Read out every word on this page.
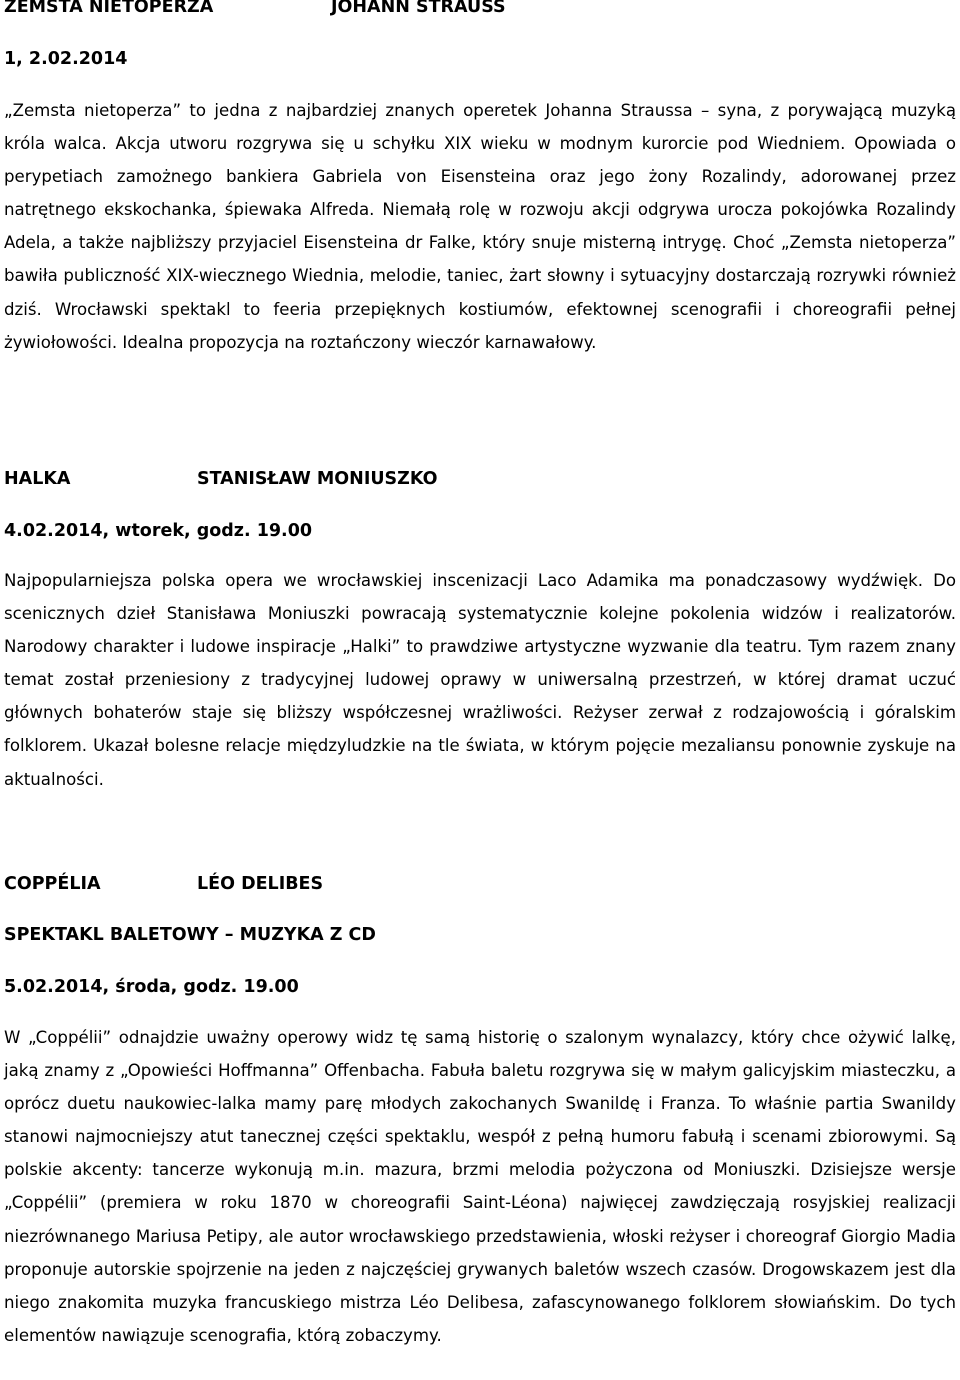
ZEMSTA NIETOPERZA	JOHANN STRAUSS
1, 2.02.2014

„Zemsta nietoperza” to jedna z najbardziej znanych operetek Johanna Straussa – syna, z porywającą muzyką króla walca. Akcja utworu rozgrywa się u schyłku XIX wieku w modnym kurorcie pod Wiedniem. Opowiada o perypetiach zamożnego bankiera Gabriela von Eisensteina oraz jego żony Rozalindy, adorowanej przez natrętnego ekskochanka, śpiewaka Alfreda. Niemałą rolę w rozwoju akcji odgrywa urocza pokojówka Rozalindy Adela, a także najbliższy przyjaciel Eisensteina dr Falke, który snuje misterną intrygę. Choć „Zemsta nietoperza” bawiła publiczność XIX-wiecznego Wiednia, melodie, taniec, żart słowny i sytuacyjny dostarczają rozrywki również dziś. Wrocławski spektakl to feeria przepięknych kostiumów, efektownej scenografii i choreografii pełnej żywiołowości. Idealna propozycja na roztańczony wieczór karnawałowy.

HALKA	STANISŁAW MONIUSZKO
4.02.2014, wtorek, godz. 19.00

Najpopularniejsza polska opera we wrocławskiej inscenizacji Laco Adamika ma ponadczasowy wydźwięk. Do scenicznych dzieł Stanisława Moniuszki powracają systematycznie kolejne pokolenia widzów i realizatorów. Narodowy charakter i ludowe inspiracje „Halki” to prawdziwe artystyczne wyzwanie dla teatru. Tym razem znany temat został przeniesiony z tradycyjnej ludowej oprawy w uniwersalną przestrzeń, w której dramat uczuć głównych bohaterów staje się bliższy współczesnej wrażliwości. Reżyser zerwał z rodzajowością i góralskim folklorem. Ukazał bolesne relacje międzyludzkie na tle świata, w którym pojęcie mezaliansu ponownie zyskuje na aktualności.

COPPÉLIA	LÉO DELIBES
SPEKTAKL BALETOWY – MUZYKA Z CD
5.02.2014, środa, godz. 19.00

W „Coppélii” odnajdzie uważny operowy widz tę samą historię o szalonym wynalazcy, który chce ożywić lalkę, jaką znamy z „Opowieści Hoffmanna” Offenbacha. Fabuła baletu rozgrywa się w małym galicyjskim miasteczku, a oprócz duetu naukowiec-lalka mamy parę młodych zakochanych Swanildę i Franza. To właśnie partia Swanildy stanowi najmocniejszy atut tanecznej części spektaklu, wespół z pełną humoru fabułą i scenami zbiorowymi. Są polskie akcenty: tancerze wykonują m.in. mazura, brzmi melodia pożyczona od Moniuszki. Dzisiejsze wersje „Coppélii” (premiera w roku 1870 w choreografii Saint-Léona) najwięcej zawdzięczają rosyjskiej realizacji niezrównanego Mariusa Petipy, ale autor wrocławskiego przedstawienia, włoski reżyser i choreograf Giorgio Madia proponuje autorskie spojrzenie na jeden z najczęściej grywanych baletów wszech czasów. Drogowskazem jest dla niego znakomita muzyka francuskiego mistrza Léo Delibesa, zafascynowanego folklorem słowiańskim. Do tych elementów nawiązuje scenografia, którą zobaczymy.
